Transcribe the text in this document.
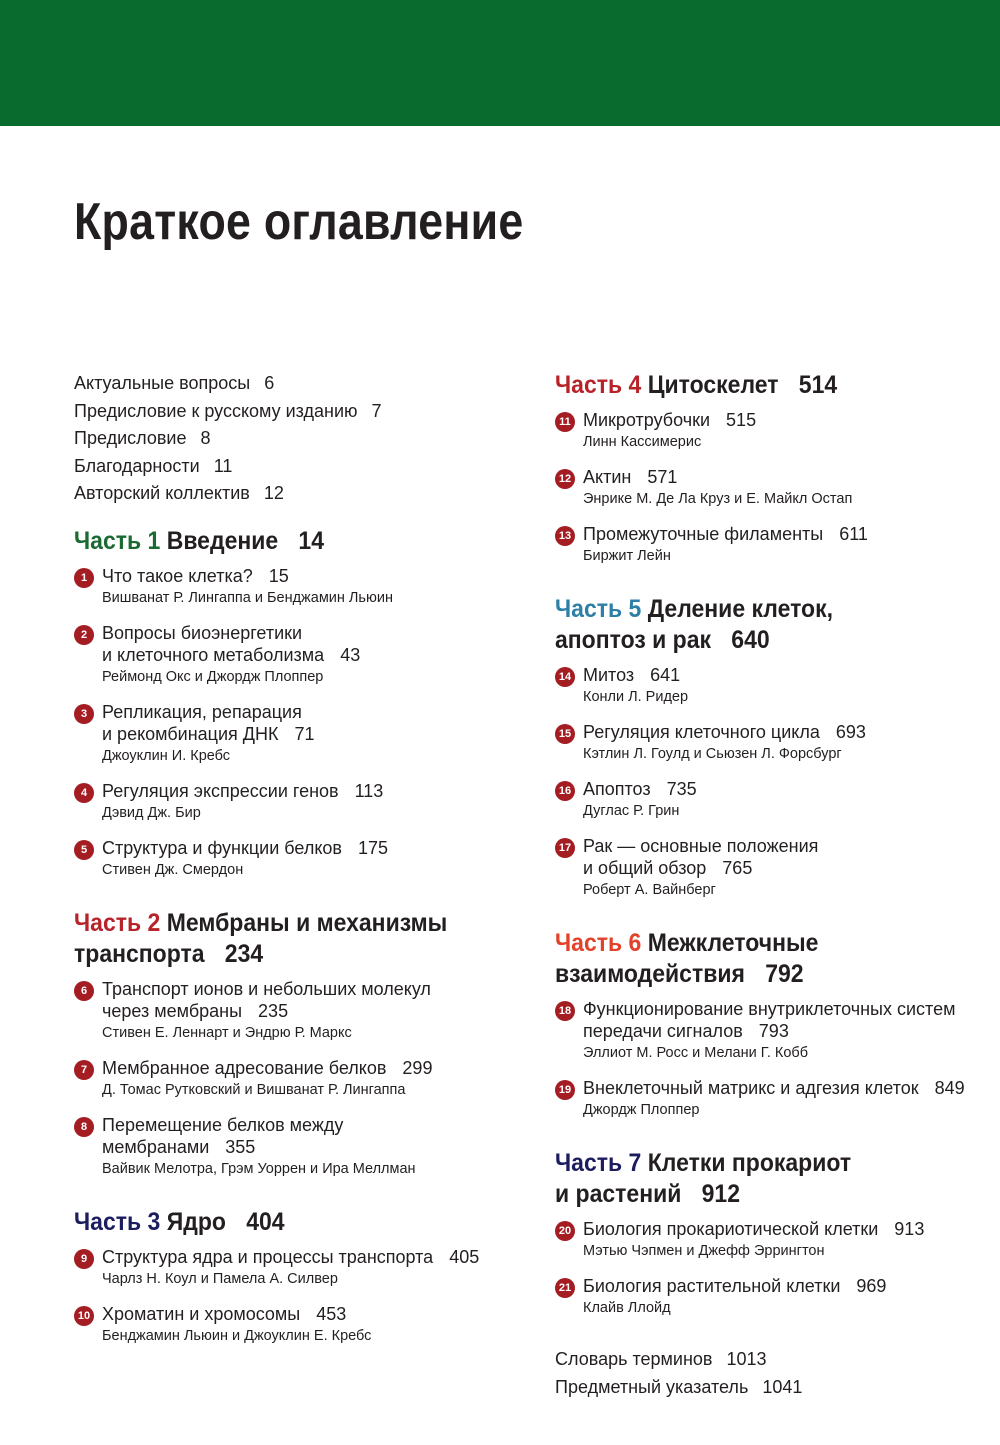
Краткое оглавление
Актуальные вопросы 6
Предисловие к русскому изданию 7
Предисловие 8
Благодарности 11
Авторский коллектив 12
Часть 1 Введение 14
1 Что такое клетка? 15
Вишванат Р. Лингаппа и Бенджамин Льюин
2 Вопросы биоэнергетики
и клеточного метаболизма 43
Реймонд Окс и Джордж Плоппер
3 Репликация, репарация
и рекомбинация ДНК 71
Джоуклин И. Кребс
4 Регуляция экспрессии генов 113
Дэвид Дж. Бир
5 Структура и функции белков 175
Стивен Дж. Смердон
Часть 2 Мембраны и механизмы
транспорта 234
6 Транспорт ионов и небольших молекул
через мембраны 235
Стивен Е. Леннарт и Эндрю Р. Маркс
7 Мембранное адресование белков 299
Д. Томас Рутковский и Вишванат Р. Лингаппа
8 Перемещение белков между
мембранами 355
Вайвик Мелотра, Грэм Уоррен и Ира Меллман
Часть 3 Ядро 404
9 Структура ядра и процессы транспорта 405
Чарлз Н. Коул и Памела А. Силвер
10 Хроматин и хромосомы 453
Бенджамин Льюин и Джоуклин Е. Кребс
Часть 4 Цитоскелет 514
11 Микротрубочки 515
Линн Кассимерис
12 Актин 571
Энрике М. Де Ла Круз и Е. Майкл Остап
13 Промежуточные филаменты 611
Биржит Лейн
Часть 5 Деление клеток,
апоптоз и рак 640
14 Митоз 641
Конли Л. Ридер
15 Регуляция клеточного цикла 693
Кэтлин Л. Гоулд и Сьюзен Л. Форсбург
16 Апоптоз 735
Дуглас Р. Грин
17 Рак — основные положения
и общий обзор 765
Роберт А. Вайнберг
Часть 6 Межклеточные
взаимодействия 792
18 Функционирование внутриклеточных систем
передачи сигналов 793
Эллиот М. Росс и Мелани Г. Кобб
19 Внеклеточный матрикс и адгезия клеток 849
Джордж Плоппер
Часть 7 Клетки прокариот
и растений 912
20 Биология прокариотической клетки 913
Мэтью Чэпмен и Джефф Эррингтон
21 Биология растительной клетки 969
Клайв Ллойд
Словарь терминов 1013
Предметный указатель 1041
